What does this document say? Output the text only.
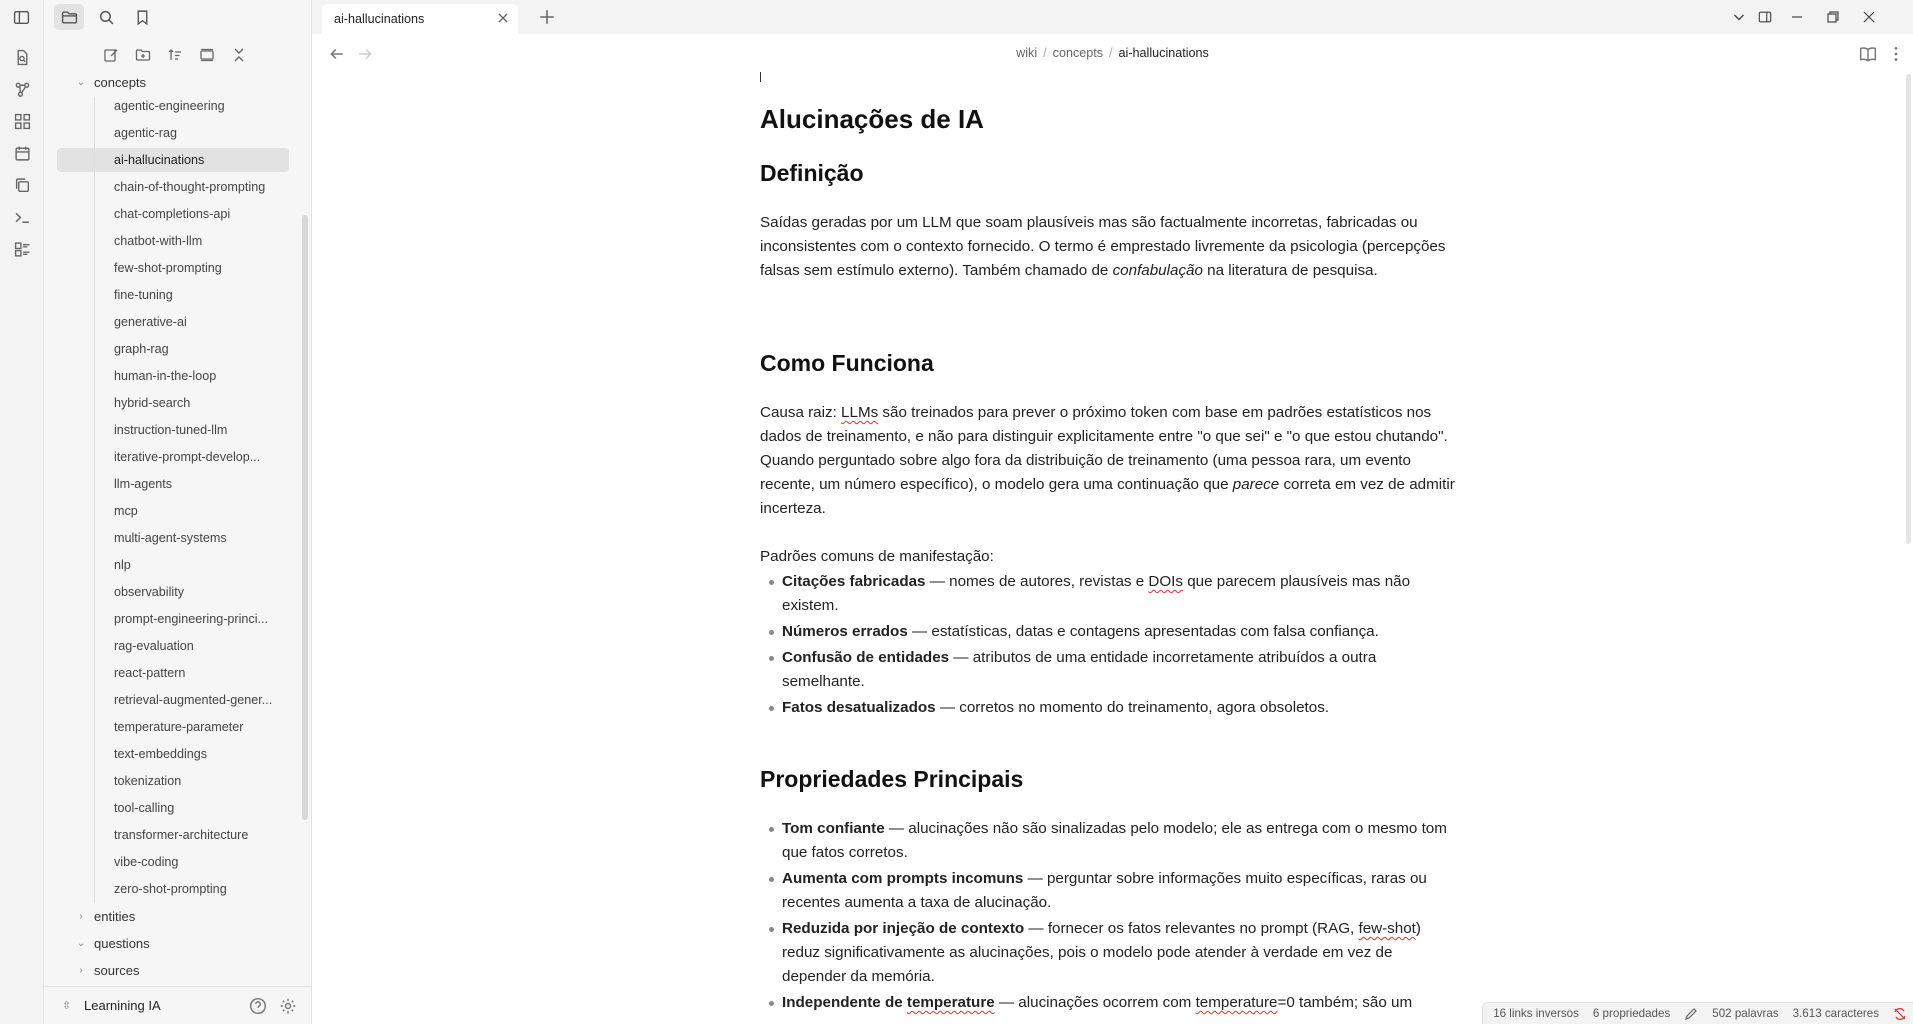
⌄ concepts
agentic-engineering
agentic-rag
ai-hallucinations
chain-of-thought-prompting
chat-completions-api
chatbot-with-llm
few-shot-prompting
fine-tuning
generative-ai
graph-rag
human-in-the-loop
hybrid-search
instruction-tuned-llm
iterative-prompt-develop...
llm-agents
mcp
multi-agent-systems
nlp
observability
prompt-engineering-princi...
rag-evaluation
react-pattern
retrieval-augmented-gener...
temperature-parameter
text-embeddings
tokenization
tool-calling
transformer-architecture
vibe-coding
zero-shot-prompting
› entities
⌄ questions
› sources
⇳ Learnining IA
ai-hallucinations
wiki / concepts / ai-hallucinations
Alucinações de IA
Definição

Saídas geradas por um LLM que soam plausíveis mas são factualmente incorretas, fabricadas ou inconsistentes com o contexto fornecido. O termo é emprestado livremente da psicologia (percepções falsas sem estímulo externo). Também chamado de confabulação na literatura de pesquisa.

Como Funciona

Causa raiz: LLMs são treinados para prever o próximo token com base em padrões estatísticos nos dados de treinamento, e não para distinguir explicitamente entre "o que sei" e "o que estou chutando". Quando perguntado sobre algo fora da distribuição de treinamento (uma pessoa rara, um evento recente, um número específico), o modelo gera uma continuação que parece correta em vez de admitir incerteza.

Padrões comuns de manifestação:

Citações fabricadas — nomes de autores, revistas e DOIs que parecem plausíveis mas não existem.
Números errados — estatísticas, datas e contagens apresentadas com falsa confiança.
Confusão de entidades — atributos de uma entidade incorretamente atribuídos a outra semelhante.
Fatos desatualizados — corretos no momento do treinamento, agora obsoletos.
Propriedades Principais
Tom confiante — alucinações não são sinalizadas pelo modelo; ele as entrega com o mesmo tom que fatos corretos.
Aumenta com prompts incomuns — perguntar sobre informações muito específicas, raras ou recentes aumenta a taxa de alucinação.
Reduzida por injeção de contexto — fornecer os fatos relevantes no prompt (RAG, few-shot) reduz significativamente as alucinações, pois o modelo pode atender à verdade em vez de depender da memória.
Independente de temperature — alucinações ocorrem com temperature=0 também; são um
16 links inversos 6 propriedades	502 palavras 3.613 caracteres
